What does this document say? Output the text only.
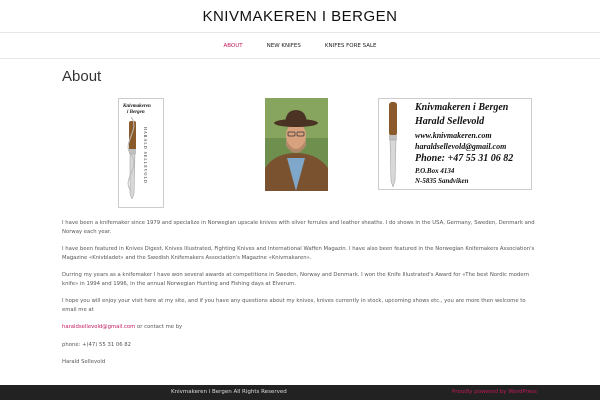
KNIVMAKEREN I BERGEN
ABOUT	NEW KNIFES	KNIFES FORE SALE
About
Knivmakeren
i Bergen
HARALD SELLEVOLD
Knivmakeren i Bergen
Harald Sellevold
www.knivmakeren.com
haraldsellevold@gmail.com
Phone: +47 55 31 06 82
P.O.Box 4134
N-5835 Sandviken

I have been a knifemaker since 1979 and specialize in Norwegian upscale knives with silver ferrules and leather sheaths. I do shows in the USA, Germany, Sweden, Denmark and Norway each year.

I have been featured in Knives Digest, Knives Illustrated, Fighting Knives and International Waffen Magazin. I have also been featured in the Norwegian Knifemakers Association's Magazine «Knivbladet» and the Swedish Knifemakers Association's Magazine «Knivmakaren».

Durring my years as a knifemaker I have won several awards at competitions in Sweden, Norway and Denmark. I won the Knife Illustrated's Award for «The best Nordic modern knife» in 1994 and 1996, in the annual Norwegian Hunting and Fishing days at Elverum.

I hope you will enjoy your visit here at my site, and if you have any questions about my knives, knives currently in stock, upcoming shows etc., you are more then welcome to email me at

haraldsellevold@gmail.com or contact me by

phone: +(47) 55 31 06 82

Harald Sellevold

Knivmakeren i Bergen All Rights Reserved	Proudly powered by WordPress
